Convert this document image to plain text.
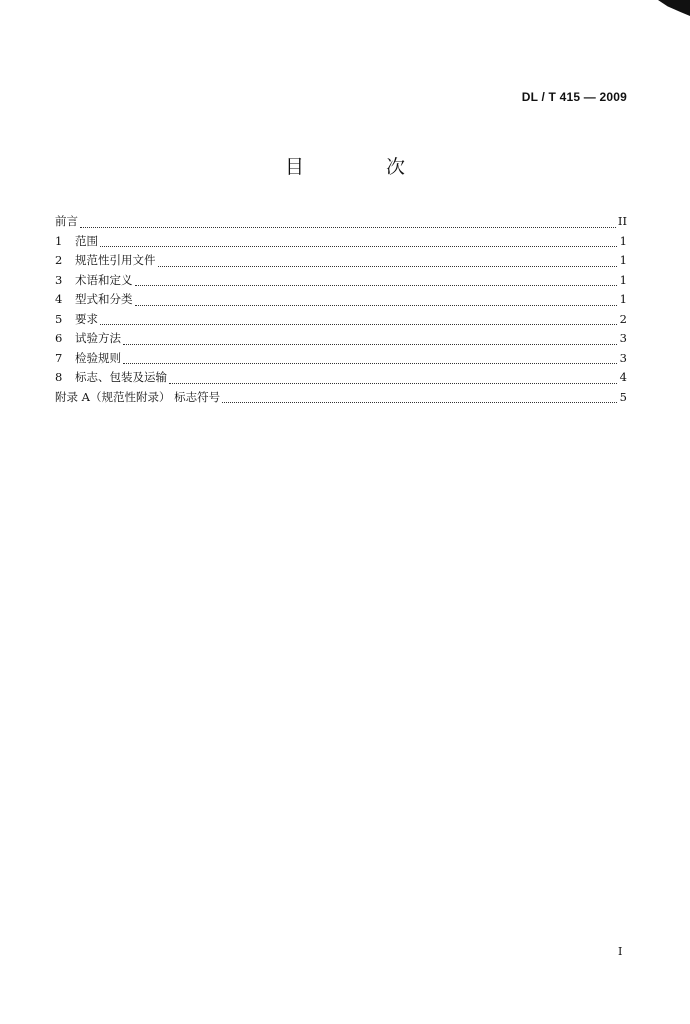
DL / T 415 — 2009
目 次
前言	II
1	范围	1
2	规范性引用文件	1
3	术语和定义	1
4	型式和分类	1
5	要求	2
6	试验方法	3
7	检验规则	3
8	标志、包装及运输	4
附录 A（规范性附录） 标志符号	5
I
